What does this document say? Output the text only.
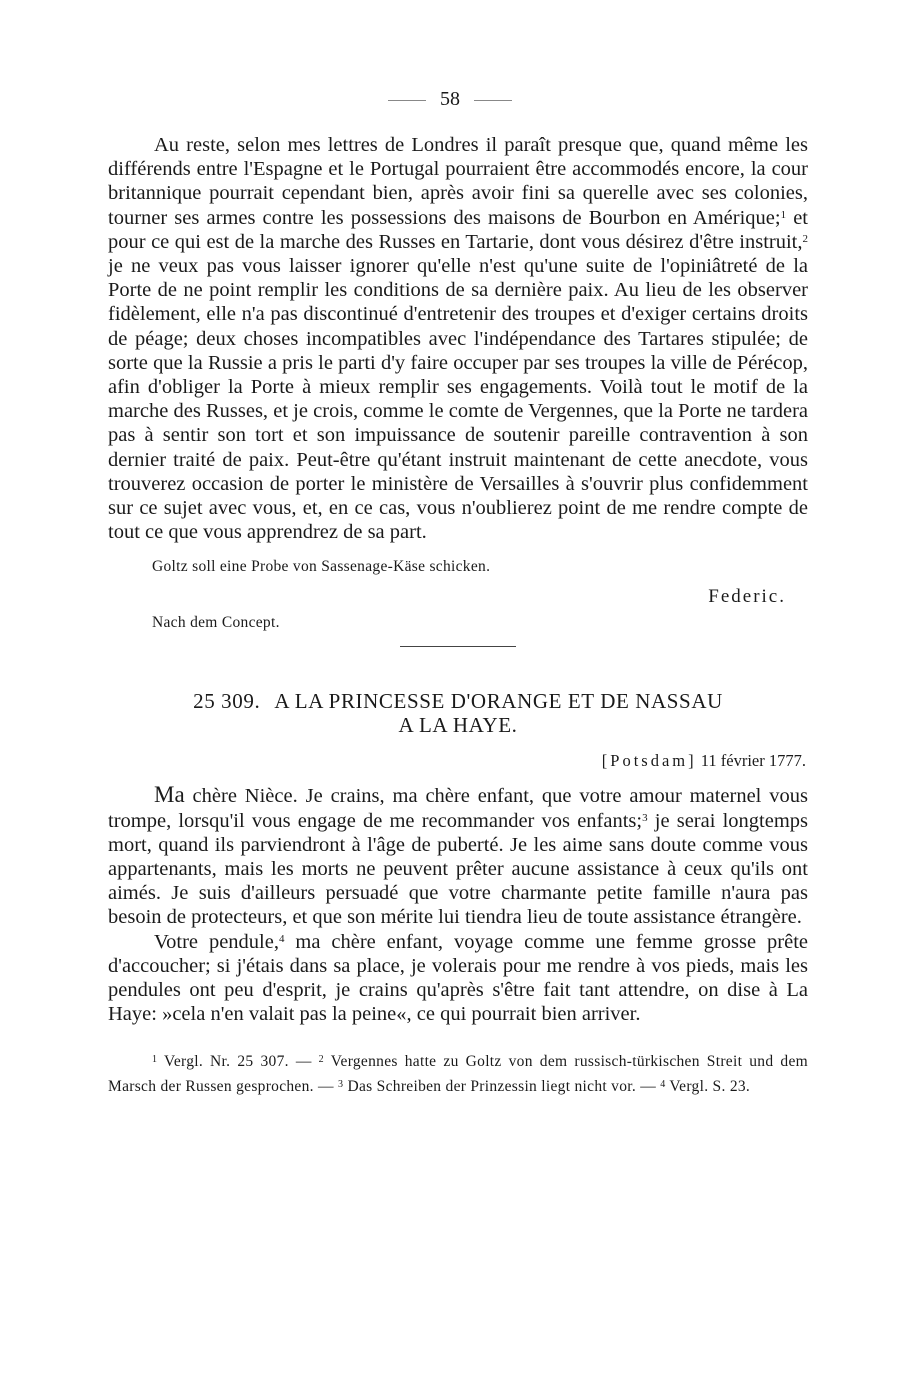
58

Au reste, selon mes lettres de Londres il paraît presque que, quand même les différends entre l'Espagne et le Portugal pourraient être accommodés encore, la cour britannique pourrait cependant bien, après avoir fini sa querelle avec ses colonies, tourner ses armes contre les possessions des maisons de Bourbon en Amérique;$^1$ et pour ce qui est de la marche des Russes en Tartarie, dont vous désirez d'être instruit,$^2$ je ne veux pas vous laisser ignorer qu'elle n'est qu'une suite de l'opiniâtreté de la Porte de ne point remplir les conditions de sa dernière paix. Au lieu de les observer fidèlement, elle n'a pas discontinué d'entretenir des troupes et d'exiger certains droits de péage; deux choses incompatibles avec l'indépendance des Tartares stipulée; de sorte que la Russie a pris le parti d'y faire occuper par ses troupes la ville de Pérécop, afin d'obliger la Porte à mieux remplir ses engagements. Voilà tout le motif de la marche des Russes, et je crois, comme le comte de Vergennes, que la Porte ne tardera pas à sentir son tort et son impuissance de soutenir pareille contravention à son dernier traité de paix. Peut-être qu'étant instruit maintenant de cette anecdote, vous trouverez occasion de porter le ministère de Versailles à s'ouvrir plus confidemment sur ce sujet avec vous, et, en ce cas, vous n'oublierez point de me rendre compte de tout ce que vous apprendrez de sa part.

Goltz soll eine Probe von Sassenage-Käse schicken.
Federic.
Nach dem Concept.
25 309. A LA PRINCESSE D'ORANGE ET DE NASSAU
A LA HAYE.
[Potsdam] 11 février 1777.

Ma chère Nièce. Je crains, ma chère enfant, que votre amour maternel vous trompe, lorsqu'il vous engage de me recommander vos enfants;$^3$ je serai longtemps mort, quand ils parviendront à l'âge de puberté. Je les aime sans doute comme vous appartenants, mais les morts ne peuvent prêter aucune assistance à ceux qu'ils ont aimés. Je suis d'ailleurs persuadé que votre charmante petite famille n'aura pas besoin de protecteurs, et que son mérite lui tiendra lieu de toute assistance étrangère.

Votre pendule,$^4$ ma chère enfant, voyage comme une femme grosse prête d'accoucher; si j'étais dans sa place, je volerais pour me rendre à vos pieds, mais les pendules ont peu d'esprit, je crains qu'après s'être fait tant attendre, on dise à La Haye: »cela n'en valait pas la peine«, ce qui pourrait bien arriver.

$^1$ Vergl. Nr. 25 307. — $^2$ Vergennes hatte zu Goltz von dem russisch-türkischen Streit und dem Marsch der Russen gesprochen. — $^3$ Das Schreiben der Prinzessin liegt nicht vor. — $^4$ Vergl. S. 23.
